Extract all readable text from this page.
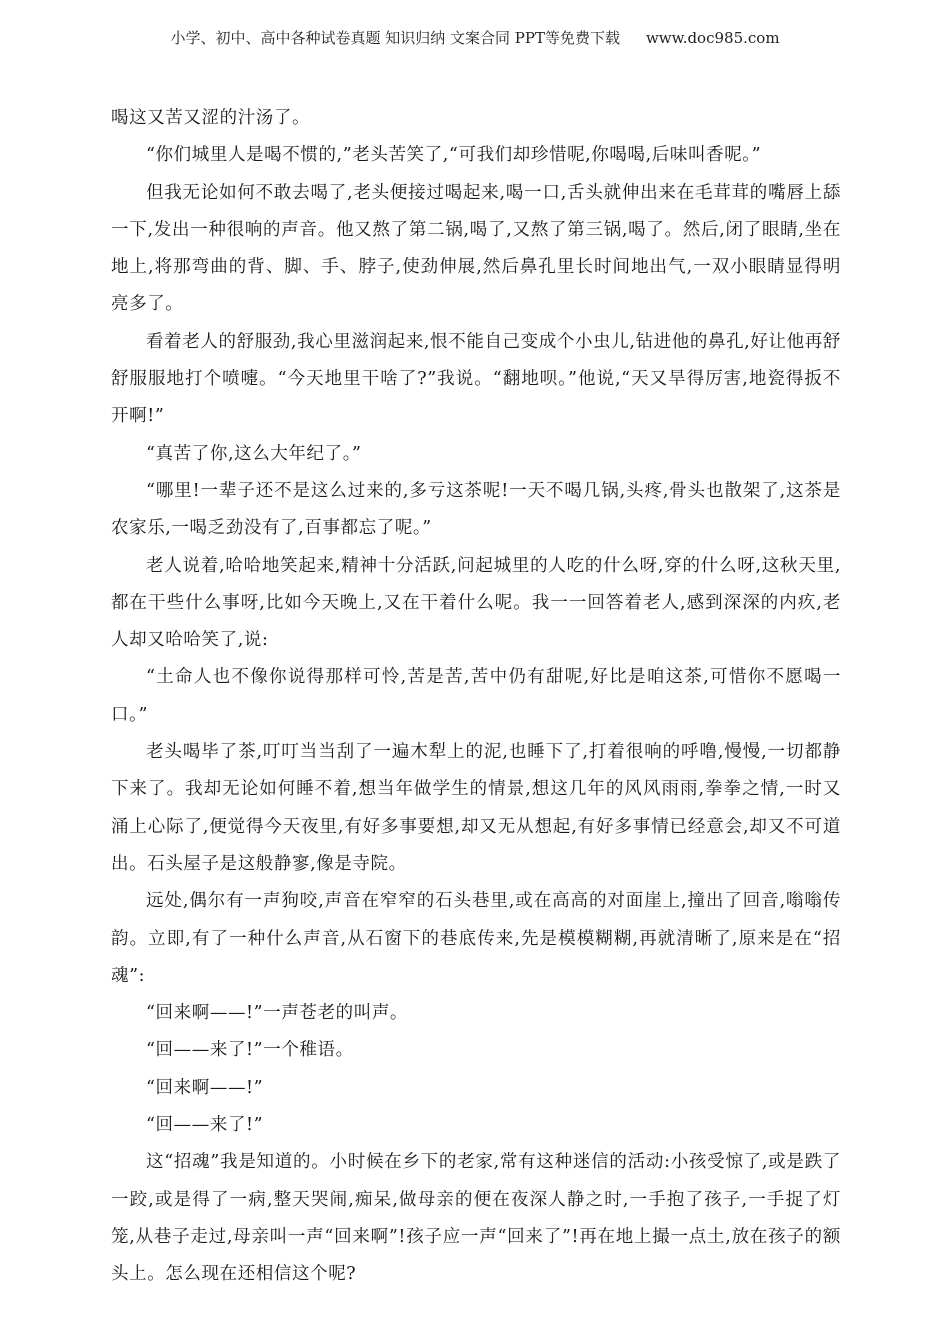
小学、初中、高中各种试卷真题 知识归纳 文案合同 PPT等免费下载 www.doc985.com

喝这又苦又涩的汁汤了。

“你们城里人是喝不惯的,”老头苦笑了,“可我们却珍惜呢,你喝喝,后味叫香呢。”

但我无论如何不敢去喝了,老头便接过喝起来,喝一口,舌头就伸出来在毛茸茸的嘴唇上舔一下,发出一种很响的声音。他又熬了第二锅,喝了,又熬了第三锅,喝了。然后,闭了眼睛,坐在地上,将那弯曲的背、脚、手、脖子,使劲伸展,然后鼻孔里长时间地出气,一双小眼睛显得明亮多了。

看着老人的舒服劲,我心里滋润起来,恨不能自己变成个小虫儿,钻进他的鼻孔,好让他再舒舒服服地打个喷嚏。“今天地里干啥了?”我说。“翻地呗。”他说,“天又旱得厉害,地瓷得扳不开啊!”

“真苦了你,这么大年纪了。”

“哪里!一辈子还不是这么过来的,多亏这茶呢!一天不喝几锅,头疼,骨头也散架了,这茶是农家乐,一喝乏劲没有了,百事都忘了呢。”

老人说着,哈哈地笑起来,精神十分活跃,问起城里的人吃的什么呀,穿的什么呀,这秋天里,都在干些什么事呀,比如今天晚上,又在干着什么呢。我一一回答着老人,感到深深的内疚,老人却又哈哈笑了,说:

“土命人也不像你说得那样可怜,苦是苦,苦中仍有甜呢,好比是咱这茶,可惜你不愿喝一口。”

老头喝毕了茶,叮叮当当刮了一遍木犁上的泥,也睡下了,打着很响的呼噜,慢慢,一切都静下来了。我却无论如何睡不着,想当年做学生的情景,想这几年的风风雨雨,拳拳之情,一时又涌上心际了,便觉得今天夜里,有好多事要想,却又无从想起,有好多事情已经意会,却又不可道出。石头屋子是这般静寥,像是寺院。

远处,偶尔有一声狗咬,声音在窄窄的石头巷里,或在高高的对面崖上,撞出了回音,嗡嗡传韵。立即,有了一种什么声音,从石窗下的巷底传来,先是模模糊糊,再就清晰了,原来是在“招魂”:

“回来啊——!”一声苍老的叫声。

“回——来了!”一个稚语。

“回来啊——!”

“回——来了!”

这“招魂”我是知道的。小时候在乡下的老家,常有这种迷信的活动:小孩受惊了,或是跌了一跤,或是得了一病,整天哭闹,痴呆,做母亲的便在夜深人静之时,一手抱了孩子,一手捉了灯笼,从巷子走过,母亲叫一声“回来啊”!孩子应一声“回来了”!再在地上撮一点土,放在孩子的额头上。怎么现在还相信这个呢?
